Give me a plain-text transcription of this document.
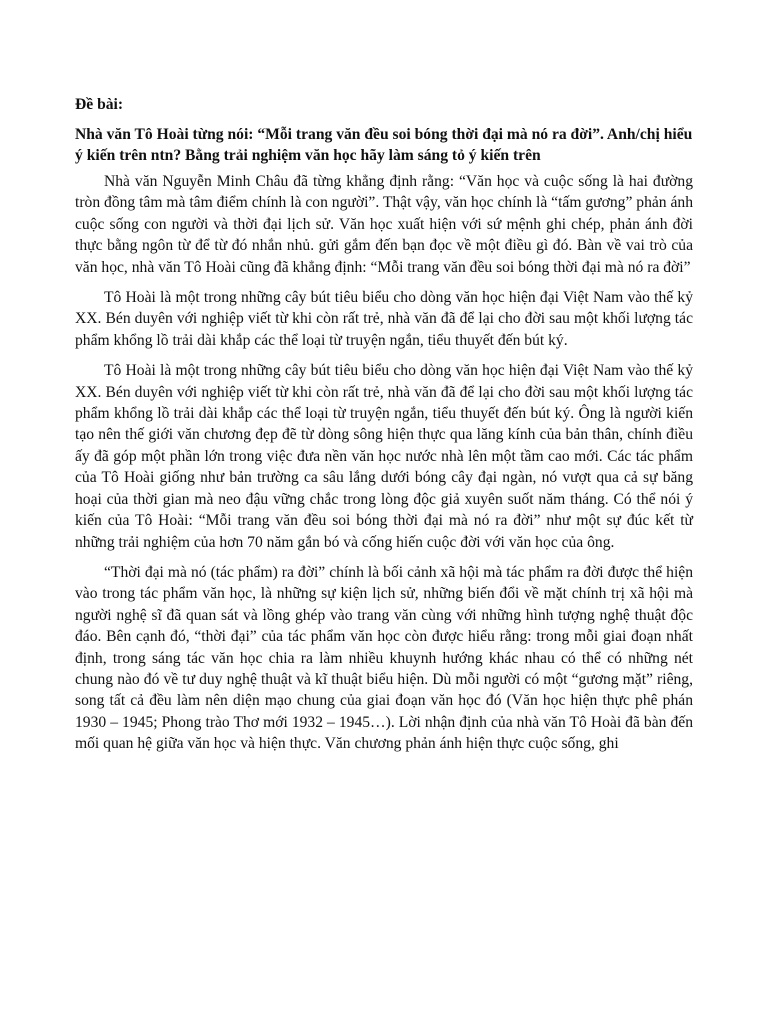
Đề bài:

Nhà văn Tô Hoài từng nói: “Mỗi trang văn đều soi bóng thời đại mà nó ra đời”. Anh/chị hiểu ý kiến trên ntn? Bằng trải nghiệm văn học hãy làm sáng tỏ ý kiến trên

Nhà văn Nguyễn Minh Châu đã từng khẳng định rằng: “Văn học và cuộc sống là hai đường tròn đồng tâm mà tâm điểm chính là con người”. Thật vậy, văn học chính là “tấm gương” phản ánh cuộc sống con người và thời đại lịch sử. Văn học xuất hiện với sứ mệnh ghi chép, phản ánh đời thực bằng ngôn từ để từ đó nhắn nhủ. gửi gắm đến bạn đọc về một điều gì đó. Bàn về vai trò của văn học, nhà văn Tô Hoài cũng đã khẳng định: “Mỗi trang văn đều soi bóng thời đại mà nó ra đời”

Tô Hoài là một trong những cây bút tiêu biểu cho dòng văn học hiện đại Việt Nam vào thế kỷ XX. Bén duyên với nghiệp viết từ khi còn rất trẻ, nhà văn đã để lại cho đời sau một khối lượng tác phẩm khổng lồ trải dài khắp các thể loại từ truyện ngắn, tiểu thuyết đến bút ký.

Tô Hoài là một trong những cây bút tiêu biểu cho dòng văn học hiện đại Việt Nam vào thế kỷ XX. Bén duyên với nghiệp viết từ khi còn rất trẻ, nhà văn đã để lại cho đời sau một khối lượng tác phẩm khổng lồ trải dài khắp các thể loại từ truyện ngắn, tiểu thuyết đến bút ký. Ông là người kiến tạo nên thế giới văn chương đẹp đẽ từ dòng sông hiện thực qua lăng kính của bản thân, chính điều ấy đã góp một phần lớn trong việc đưa nền văn học nước nhà lên một tầm cao mới. Các tác phẩm của Tô Hoài giống như bản trường ca sâu lắng dưới bóng cây đại ngàn, nó vượt qua cả sự băng hoại của thời gian mà neo đậu vững chắc trong lòng độc giả xuyên suốt năm tháng. Có thể nói ý kiến của Tô Hoài: “Mỗi trang văn đều soi bóng thời đại mà nó ra đời” như một sự đúc kết từ những trải nghiệm của hơn 70 năm gắn bó và cống hiến cuộc đời với văn học của ông.

“Thời đại mà nó (tác phẩm) ra đời” chính là bối cảnh xã hội mà tác phẩm ra đời được thể hiện vào trong tác phẩm văn học, là những sự kiện lịch sử, những biến đổi về mặt chính trị xã hội mà người nghệ sĩ đã quan sát và lồng ghép vào trang văn cùng với những hình tượng nghệ thuật độc đáo. Bên cạnh đó, “thời đại” của tác phẩm văn học còn được hiểu rằng: trong mỗi giai đoạn nhất định, trong sáng tác văn học chia ra làm nhiều khuynh hướng khác nhau có thể có những nét chung nào đó về tư duy nghệ thuật và kĩ thuật biểu hiện. Dù mỗi người có một “gương mặt” riêng, song tất cả đều làm nên diện mạo chung của giai đoạn văn học đó (Văn học hiện thực phê phán 1930 – 1945; Phong trào Thơ mới 1932 – 1945…). Lời nhận định của nhà văn Tô Hoài đã bàn đến mối quan hệ giữa văn học và hiện thực. Văn chương phản ánh hiện thực cuộc sống, ghi
